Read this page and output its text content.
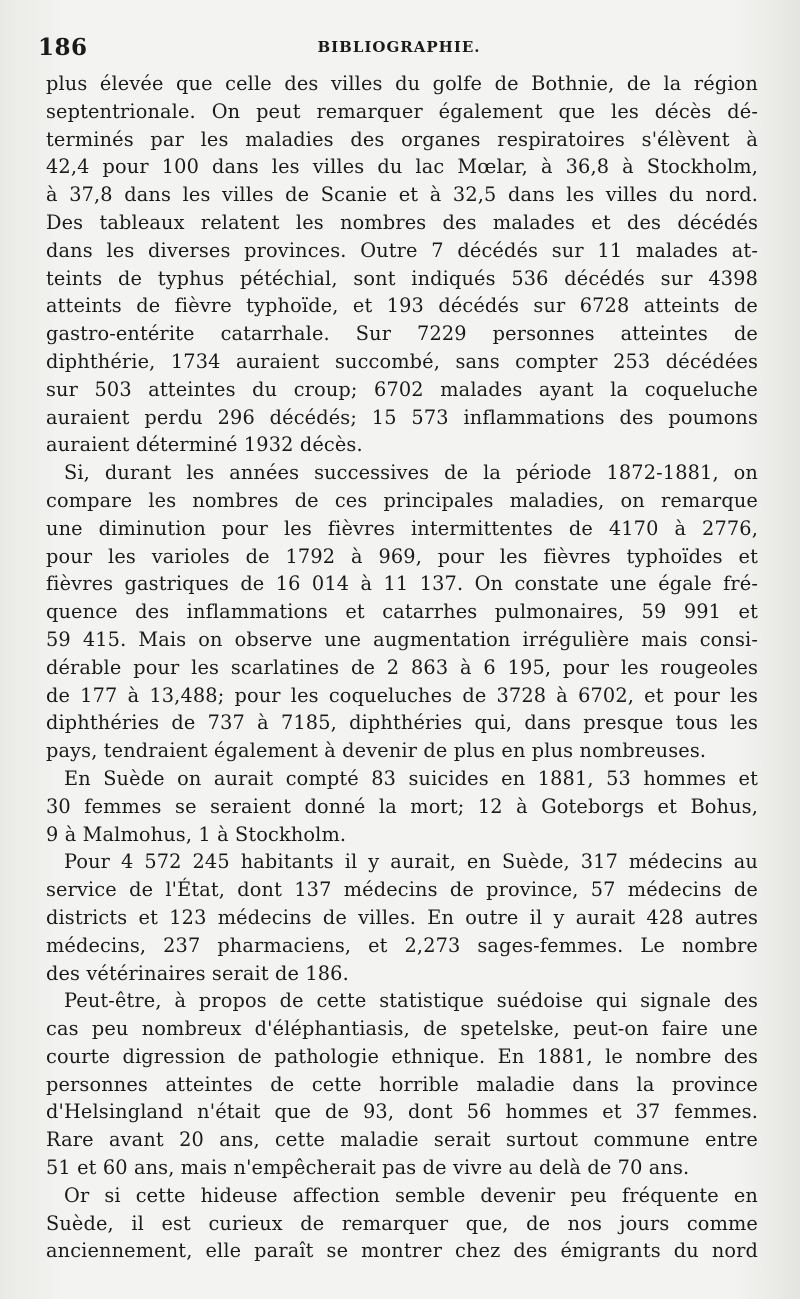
186	BIBLIOGRAPHIE.
plus élevée que celle des villes du golfe de Bothnie, de la région
septentrionale. On peut remarquer également que les décès dé-
terminés par les maladies des organes respiratoires s'élèvent à
42,4 pour 100 dans les villes du lac Mœlar, à 36,8 à Stockholm,
à 37,8 dans les villes de Scanie et à 32,5 dans les villes du nord.
Des tableaux relatent les nombres des malades et des décédés
dans les diverses provinces. Outre 7 décédés sur 11 malades at-
teints de typhus pétéchial, sont indiqués 536 décédés sur 4398
atteints de fièvre typhoïde, et 193 décédés sur 6728 atteints de
gastro-entérite catarrhale. Sur 7229 personnes atteintes de
diphthérie, 1734 auraient succombé, sans compter 253 décédées
sur 503 atteintes du croup; 6702 malades ayant la coqueluche
auraient perdu 296 décédés; 15 573 inflammations des poumons
auraient déterminé 1932 décès.
Si, durant les années successives de la période 1872-1881, on
compare les nombres de ces principales maladies, on remarque
une diminution pour les fièvres intermittentes de 4170 à 2776,
pour les varioles de 1792 à 969, pour les fièvres typhoïdes et
fièvres gastriques de 16 014 à 11 137. On constate une égale fré-
quence des inflammations et catarrhes pulmonaires, 59 991 et
59 415. Mais on observe une augmentation irrégulière mais consi-
dérable pour les scarlatines de 2 863 à 6 195, pour les rougeoles
de 177 à 13,488; pour les coqueluches de 3728 à 6702, et pour les
diphthéries de 737 à 7185, diphthéries qui, dans presque tous les
pays, tendraient également à devenir de plus en plus nombreuses.
En Suède on aurait compté 83 suicides en 1881, 53 hommes et
30 femmes se seraient donné la mort; 12 à Goteborgs et Bohus,
9 à Malmohus, 1 à Stockholm.
Pour 4 572 245 habitants il y aurait, en Suède, 317 médecins au
service de l'État, dont 137 médecins de province, 57 médecins de
districts et 123 médecins de villes. En outre il y aurait 428 autres
médecins, 237 pharmaciens, et 2,273 sages-femmes. Le nombre
des vétérinaires serait de 186.
Peut-être, à propos de cette statistique suédoise qui signale des
cas peu nombreux d'éléphantiasis, de spetelske, peut-on faire une
courte digression de pathologie ethnique. En 1881, le nombre des
personnes atteintes de cette horrible maladie dans la province
d'Helsingland n'était que de 93, dont 56 hommes et 37 femmes.
Rare avant 20 ans, cette maladie serait surtout commune entre
51 et 60 ans, mais n'empêcherait pas de vivre au delà de 70 ans.
Or si cette hideuse affection semble devenir peu fréquente en
Suède, il est curieux de remarquer que, de nos jours comme
anciennement, elle paraît se montrer chez des émigrants du nord
